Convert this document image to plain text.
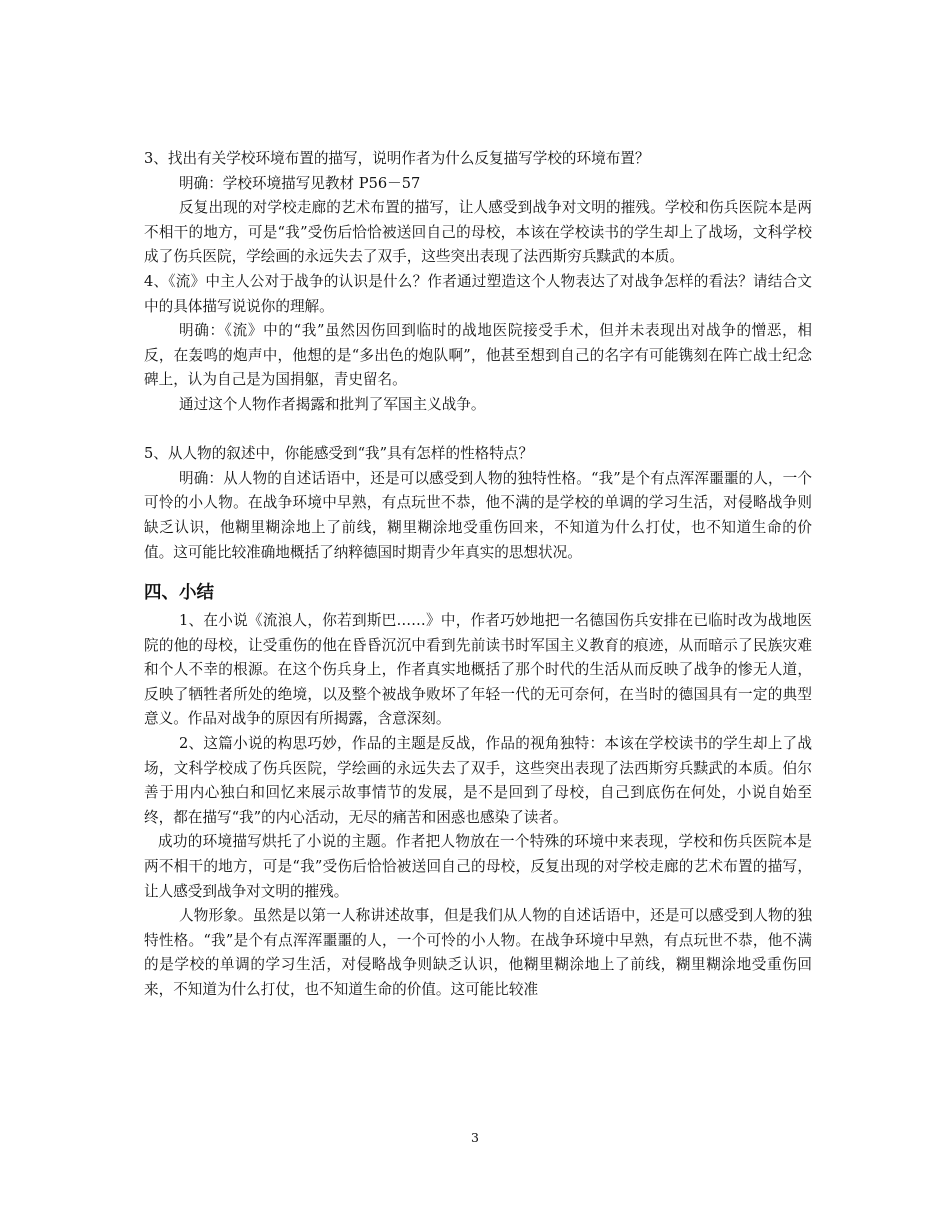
3、找出有关学校环境布置的描写，说明作者为什么反复描写学校的环境布置？

明确：学校环境描写见教材 P56－57

反复出现的对学校走廊的艺术布置的描写，让人感受到战争对文明的摧残。学校和伤兵医院本是两不相干的地方，可是“我”受伤后恰恰被送回自己的母校，本该在学校读书的学生却上了战场，文科学校成了伤兵医院，学绘画的永远失去了双手，这些突出表现了法西斯穷兵黩武的本质。

4、《流》中主人公对于战争的认识是什么？作者通过塑造这个人物表达了对战争怎样的看法？请结合文中的具体描写说说你的理解。

明确：《流》中的“我”虽然因伤回到临时的战地医院接受手术，但并未表现出对战争的憎恶，相反，在轰鸣的炮声中，他想的是“多出色的炮队啊”，他甚至想到自己的名字有可能镌刻在阵亡战士纪念碑上，认为自己是为国捐躯，青史留名。

通过这个人物作者揭露和批判了军国主义战争。

5、从人物的叙述中，你能感受到“我”具有怎样的性格特点？

明确：从人物的自述话语中，还是可以感受到人物的独特性格。“我”是个有点浑浑噩噩的人，一个可怜的小人物。在战争环境中早熟，有点玩世不恭，他不满的是学校的单调的学习生活，对侵略战争则缺乏认识，他糊里糊涂地上了前线，糊里糊涂地受重伤回来，不知道为什么打仗，也不知道生命的价值。这可能比较准确地概括了纳粹德国时期青少年真实的思想状况。

四、小结

1、在小说《流浪人，你若到斯巴……》中，作者巧妙地把一名德国伤兵安排在已临时改为战地医院的他的母校，让受重伤的他在昏昏沉沉中看到先前读书时军国主义教育的痕迹，从而暗示了民族灾难和个人不幸的根源。在这个伤兵身上，作者真实地概括了那个时代的生活从而反映了战争的惨无人道，反映了牺牲者所处的绝境，以及整个被战争败坏了年轻一代的无可奈何，在当时的德国具有一定的典型意义。作品对战争的原因有所揭露，含意深刻。

2、这篇小说的构思巧妙，作品的主题是反战，作品的视角独特：本该在学校读书的学生却上了战场，文科学校成了伤兵医院，学绘画的永远失去了双手，这些突出表现了法西斯穷兵黩武的本质。伯尔善于用内心独白和回忆来展示故事情节的发展，是不是回到了母校，自己到底伤在何处，小说自始至终，都在描写“我”的内心活动，无尽的痛苦和困惑也感染了读者。

成功的环境描写烘托了小说的主题。作者把人物放在一个特殊的环境中来表现，学校和伤兵医院本是两不相干的地方，可是“我”受伤后恰恰被送回自己的母校，反复出现的对学校走廊的艺术布置的描写，让人感受到战争对文明的摧残。

人物形象。虽然是以第一人称讲述故事，但是我们从人物的自述话语中，还是可以感受到人物的独特性格。“我”是个有点浑浑噩噩的人，一个可怜的小人物。在战争环境中早熟，有点玩世不恭，他不满的是学校的单调的学习生活，对侵略战争则缺乏认识，他糊里糊涂地上了前线，糊里糊涂地受重伤回来，不知道为什么打仗，也不知道生命的价值。这可能比较准

3
